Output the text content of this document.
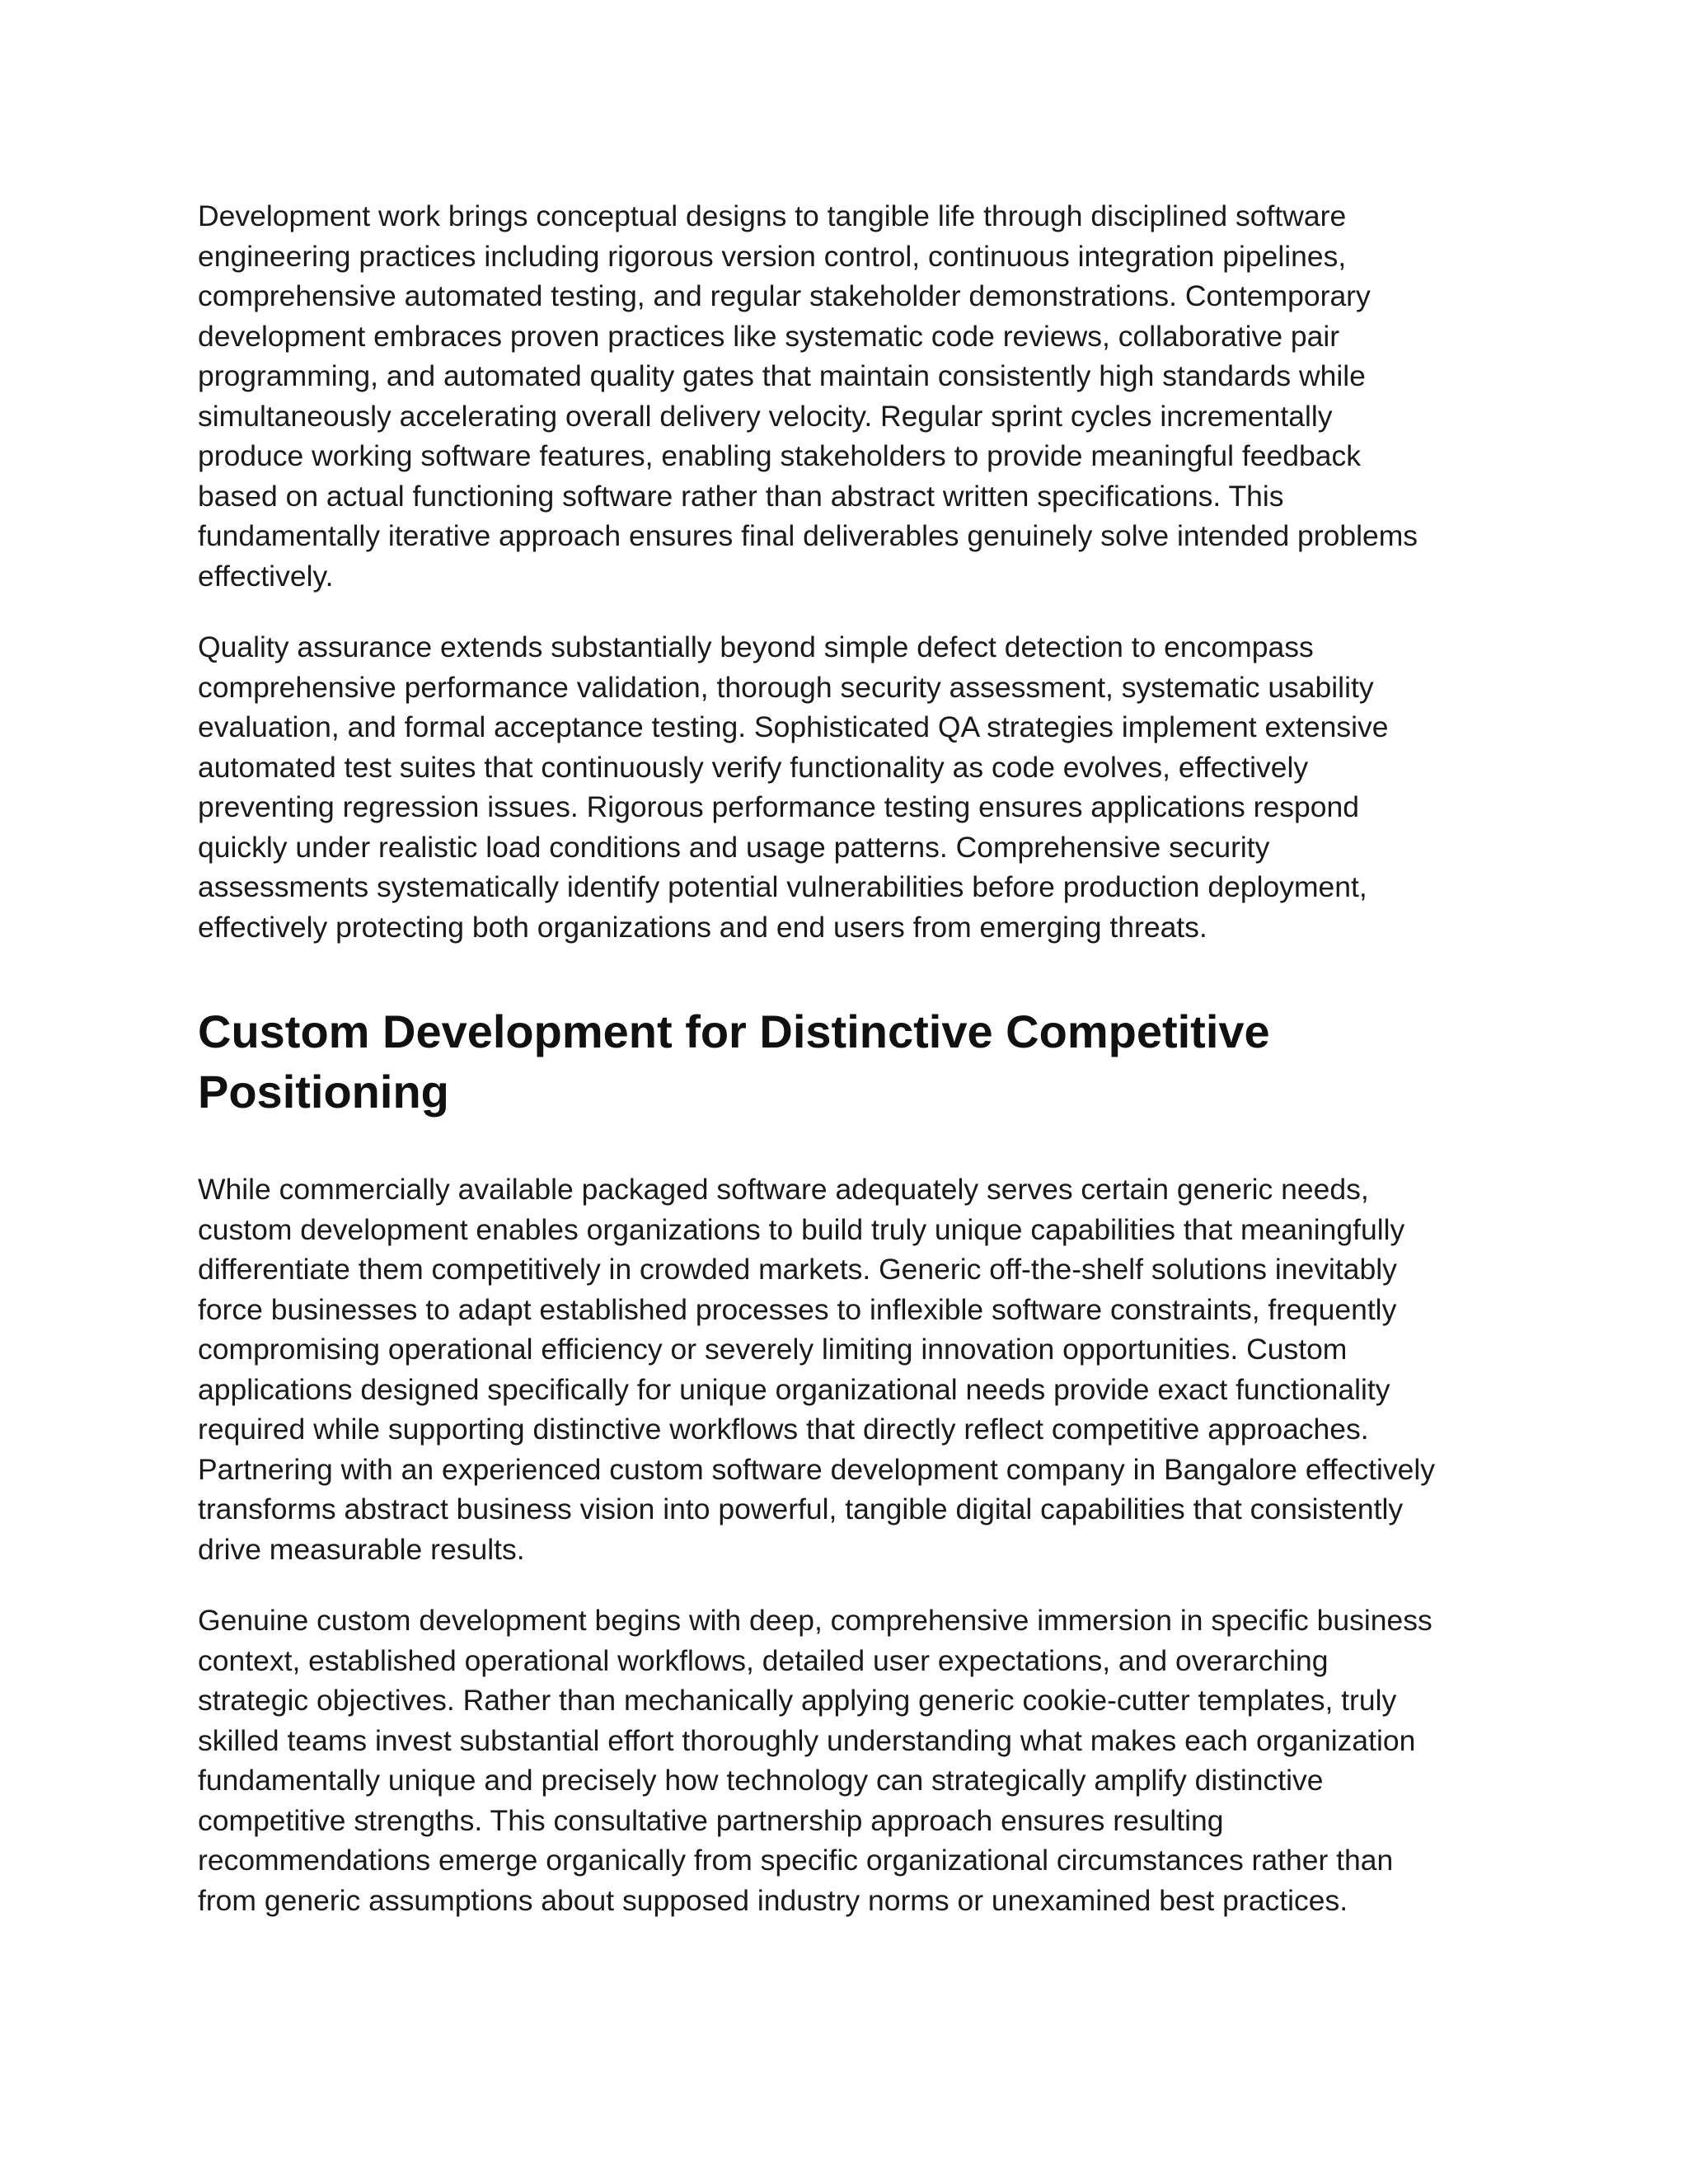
Development work brings conceptual designs to tangible life through disciplined software
engineering practices including rigorous version control, continuous integration pipelines,
comprehensive automated testing, and regular stakeholder demonstrations. Contemporary
development embraces proven practices like systematic code reviews, collaborative pair
programming, and automated quality gates that maintain consistently high standards while
simultaneously accelerating overall delivery velocity. Regular sprint cycles incrementally
produce working software features, enabling stakeholders to provide meaningful feedback
based on actual functioning software rather than abstract written specifications. This
fundamentally iterative approach ensures final deliverables genuinely solve intended problems
effectively.

Quality assurance extends substantially beyond simple defect detection to encompass
comprehensive performance validation, thorough security assessment, systematic usability
evaluation, and formal acceptance testing. Sophisticated QA strategies implement extensive
automated test suites that continuously verify functionality as code evolves, effectively
preventing regression issues. Rigorous performance testing ensures applications respond
quickly under realistic load conditions and usage patterns. Comprehensive security
assessments systematically identify potential vulnerabilities before production deployment,
effectively protecting both organizations and end users from emerging threats.

Custom Development for Distinctive Competitive
Positioning

While commercially available packaged software adequately serves certain generic needs,
custom development enables organizations to build truly unique capabilities that meaningfully
differentiate them competitively in crowded markets. Generic off-the-shelf solutions inevitably
force businesses to adapt established processes to inflexible software constraints, frequently
compromising operational efficiency or severely limiting innovation opportunities. Custom
applications designed specifically for unique organizational needs provide exact functionality
required while supporting distinctive workflows that directly reflect competitive approaches.
Partnering with an experienced custom software development company in Bangalore effectively
transforms abstract business vision into powerful, tangible digital capabilities that consistently
drive measurable results.

Genuine custom development begins with deep, comprehensive immersion in specific business
context, established operational workflows, detailed user expectations, and overarching
strategic objectives. Rather than mechanically applying generic cookie-cutter templates, truly
skilled teams invest substantial effort thoroughly understanding what makes each organization
fundamentally unique and precisely how technology can strategically amplify distinctive
competitive strengths. This consultative partnership approach ensures resulting
recommendations emerge organically from specific organizational circumstances rather than
from generic assumptions about supposed industry norms or unexamined best practices.
